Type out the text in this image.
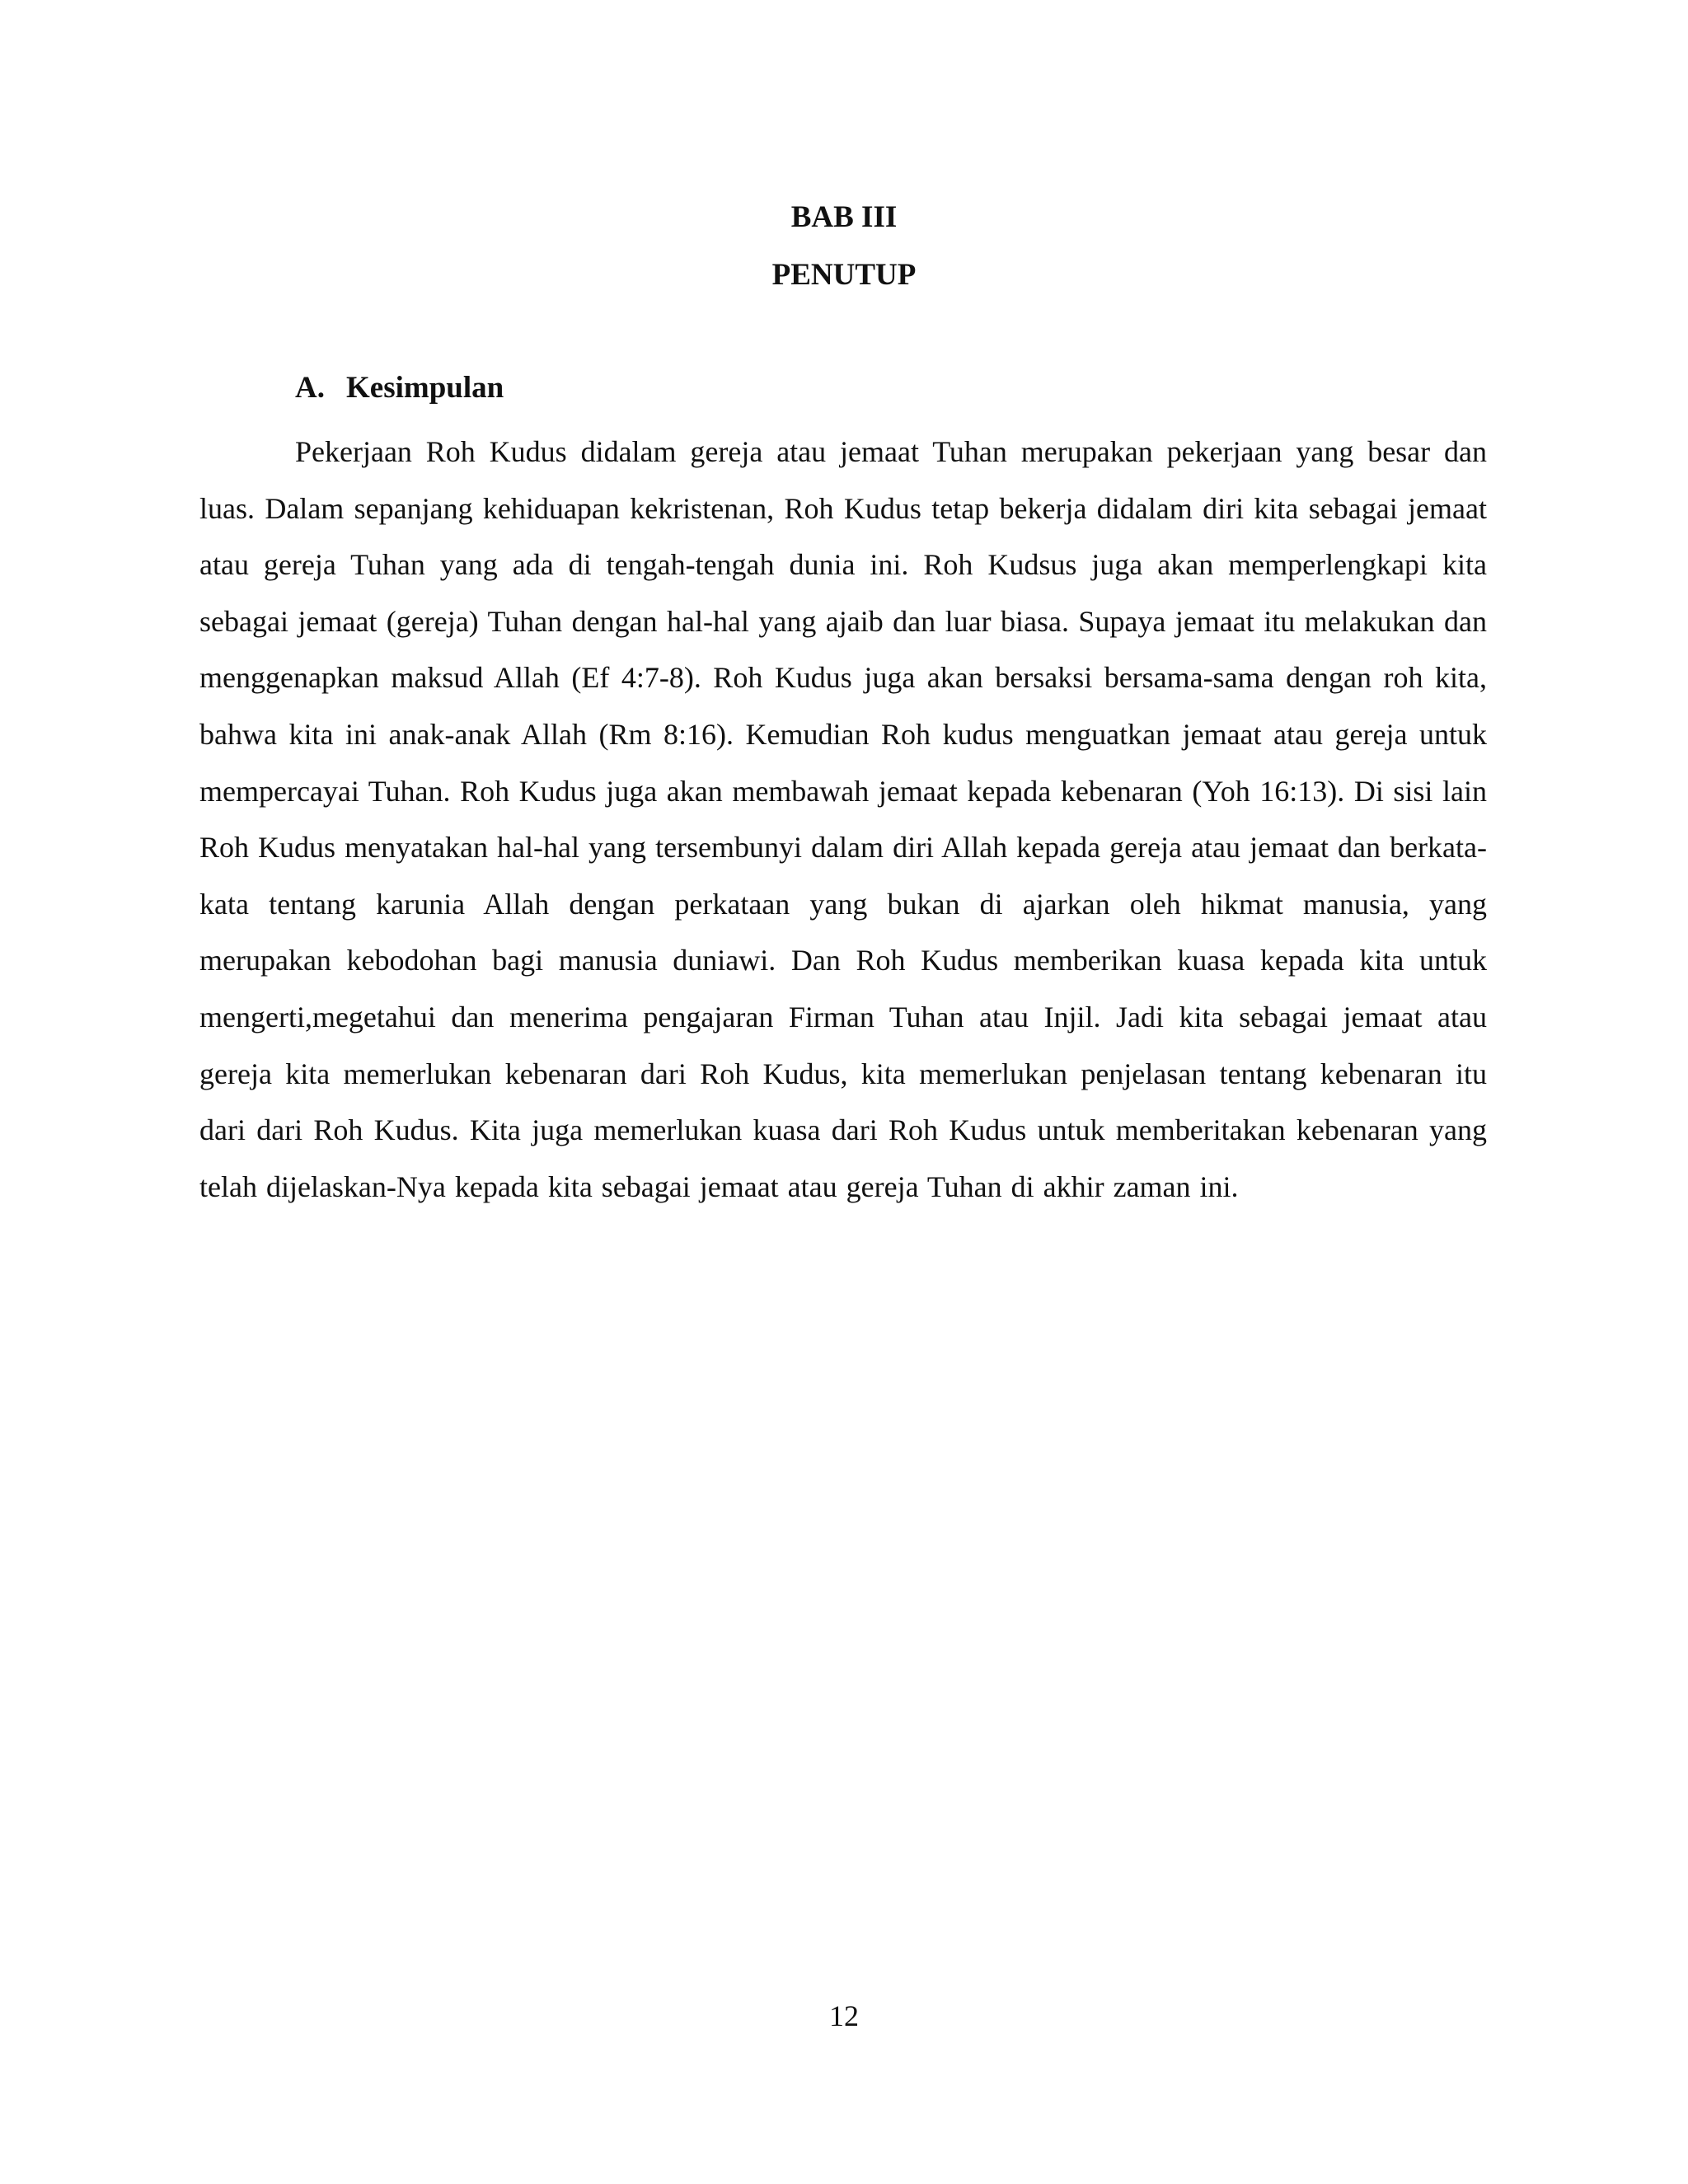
BAB III
PENUTUP
A. Kesimpulan

Pekerjaan Roh Kudus didalam gereja atau jemaat Tuhan merupakan pekerjaan yang besar dan luas. Dalam sepanjang kehiduapan kekristenan, Roh Kudus tetap bekerja didalam diri kita sebagai jemaat atau gereja Tuhan yang ada di tengah-tengah dunia ini. Roh Kudsus juga akan memperlengkapi kita sebagai jemaat (gereja) Tuhan dengan hal-hal yang ajaib dan luar biasa. Supaya jemaat itu melakukan dan menggenapkan maksud Allah (Ef 4:7-8). Roh Kudus juga akan bersaksi bersama-sama dengan roh kita, bahwa kita ini anak-anak Allah (Rm 8:16). Kemudian Roh kudus menguatkan jemaat atau gereja untuk mempercayai Tuhan. Roh Kudus juga akan membawah jemaat kepada kebenaran (Yoh 16:13). Di sisi lain Roh Kudus menyatakan hal-hal yang tersembunyi dalam diri Allah kepada gereja atau jemaat dan berkata-kata tentang karunia Allah dengan perkataan yang bukan di ajarkan oleh hikmat manusia, yang merupakan kebodohan bagi manusia duniawi. Dan Roh Kudus memberikan kuasa kepada kita untuk mengerti,megetahui dan menerima pengajaran Firman Tuhan atau Injil. Jadi kita sebagai jemaat atau gereja kita memerlukan kebenaran dari Roh Kudus, kita memerlukan penjelasan tentang kebenaran itu dari dari Roh Kudus. Kita juga memerlukan kuasa dari Roh Kudus untuk memberitakan kebenaran yang telah dijelaskan-Nya kepada kita sebagai jemaat atau gereja Tuhan di akhir zaman ini.

12
